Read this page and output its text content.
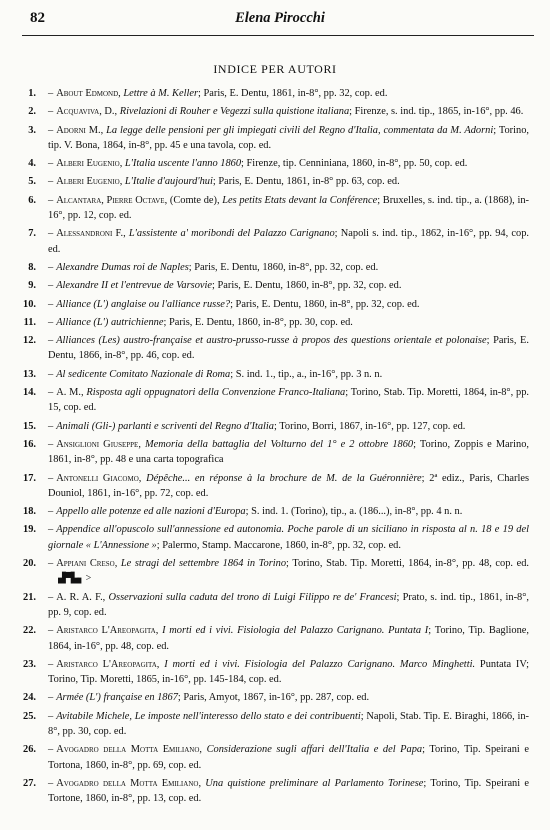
82	Elena Pirocchi
INDICE PER AUTORI
1. – About Edmond, Lettre à M. Keller; Paris, E. Dentu, 1861, in-8°, pp. 32, cop. ed.
2. – Acquaviva, D., Rivelazioni di Rouher e Vegezzi sulla quistione italiana; Firenze, s. ind. tip., 1865, in-16°, pp. 46.
3. – Adorni M., La legge delle pensioni per gli impiegati civili del Regno d'Italia, commentata da M. Adorni; Torino, tip. V. Bona, 1864, in-8°, pp. 45 e una tavola, cop. ed.
4. – Alberi Eugenio, L'Italia uscente l'anno 1860; Firenze, tip. Cenniniana, 1860, in-8°, pp. 50, cop. ed.
5. – Alberi Eugenio, L'Italie d'aujourd'hui; Paris, E. Dentu, 1861, in-8° pp. 63, cop. ed.
6. – Alcantara, Pierre Octave, (Comte de), Les petits Etats devant la Conférence; Bruxelles, s. ind. tip., a. (1868), in-16°, pp. 12, cop. ed.
7. – Alessandroni F., L'assistente a' moribondi del Palazzo Carignano; Napoli s. ind. tip., 1862, in-16°, pp. 94, cop. ed.
8. – Alexandre Dumas roi de Naples; Paris, E. Dentu, 1860, in-8°, pp. 32, cop. ed.
9. – Alexandre II et l'entrevue de Varsovie; Paris, E. Dentu, 1860, in-8°, pp. 32, cop. ed.
10. – Alliance (L') anglaise ou l'alliance russe?; Paris, E. Dentu, 1860, in-8°, pp. 32, cop. ed.
11. – Alliance (L') autrichienne; Paris, E. Dentu, 1860, in-8°, pp. 30, cop. ed.
12. – Alliances (Les) austro-française et austro-prusso-russe à propos des questions orientale et polonaise; Paris, E. Dentu, 1866, in-8°, pp. 46, cop. ed.
13. – Al sedicente Comitato Nazionale di Roma; S. ind. 1., tip., a., in-16°, pp. 3 n. n.
14. – A. M., Risposta agli oppugnatori della Convenzione Franco-Italiana; Torino, Stab. Tip. Moretti, 1864, in-8°, pp. 15, cop. ed.
15. – Animali (Gli-) parlanti e scriventi del Regno d'Italia; Torino, Borri, 1867, in-16°, pp. 127, cop. ed.
16. – Ansiglioni Giuseppe, Memoria della battaglia del Volturno del 1° e 2 ottobre 1860; Torino, Zoppis e Marino, 1861, in-8°, pp. 48 e una carta topografica
17. – Antonelli Giacomo, Dépêche... en réponse à la brochure de M. de la Guéronnière; 2ª ediz., Paris, Charles Douniol, 1861, in-16°, pp. 72, cop. ed.
18. – Appello alle potenze ed alle nazioni d'Europa; S. ind. 1. (Torino), tip., a. (186...), in-8°, pp. 4 n. n.
19. – Appendice all'opuscolo sull'annessione ed autonomia. Poche parole di un siciliano in risposta al n. 18 e 19 del giornale « L'Annessione »; Palermo, Stamp. Maccarone, 1860, in-8°, pp. 32, cop. ed.
20. – Appiani Creso, Le stragi del settembre 1864 in Torino; Torino, Stab. Tip. Moretti, 1864, in-8°, pp. 48, cop. ed.▟▀▙▖ ˃
21. – A. R. A. F., Osservazioni sulla caduta del trono di Luigi Filippo re de' Francesi; Prato, s. ind. tip., 1861, in-8°, pp. 9, cop. ed.
22. – Aristarco L'Areopagita, I morti ed i vivi. Fisiologia del Palazzo Carignano. Puntata I; Torino, Tip. Baglione, 1864, in-16°, pp. 48, cop. ed.
23. – Aristarco L'Areopagita, I morti ed i vivi. Fisiologia del Palazzo Carignano. Marco Minghetti. Puntata IV; Torino, Tip. Moretti, 1865, in-16°, pp. 145-184, cop. ed.
24. – Armée (L') française en 1867; Paris, Amyot, 1867, in-16°, pp. 287, cop. ed.
25. – Avitabile Michele, Le imposte nell'interesso dello stato e dei contribuenti; Napoli, Stab. Tip. E. Biraghi, 1866, in-8°, pp. 30, cop. ed.
26. – Avogadro della Motta Emiliano, Considerazione sugli affari dell'Italia e del Papa; Torino, Tip. Speirani e Tortona, 1860, in-8°, pp. 69, cop. ed.
27. – Avogadro della Motta Emiliano, Una quistione preliminare al Parlamento Torinese; Torino, Tip. Speirani e Tortone, 1860, in-8°, pp. 13, cop. ed.
